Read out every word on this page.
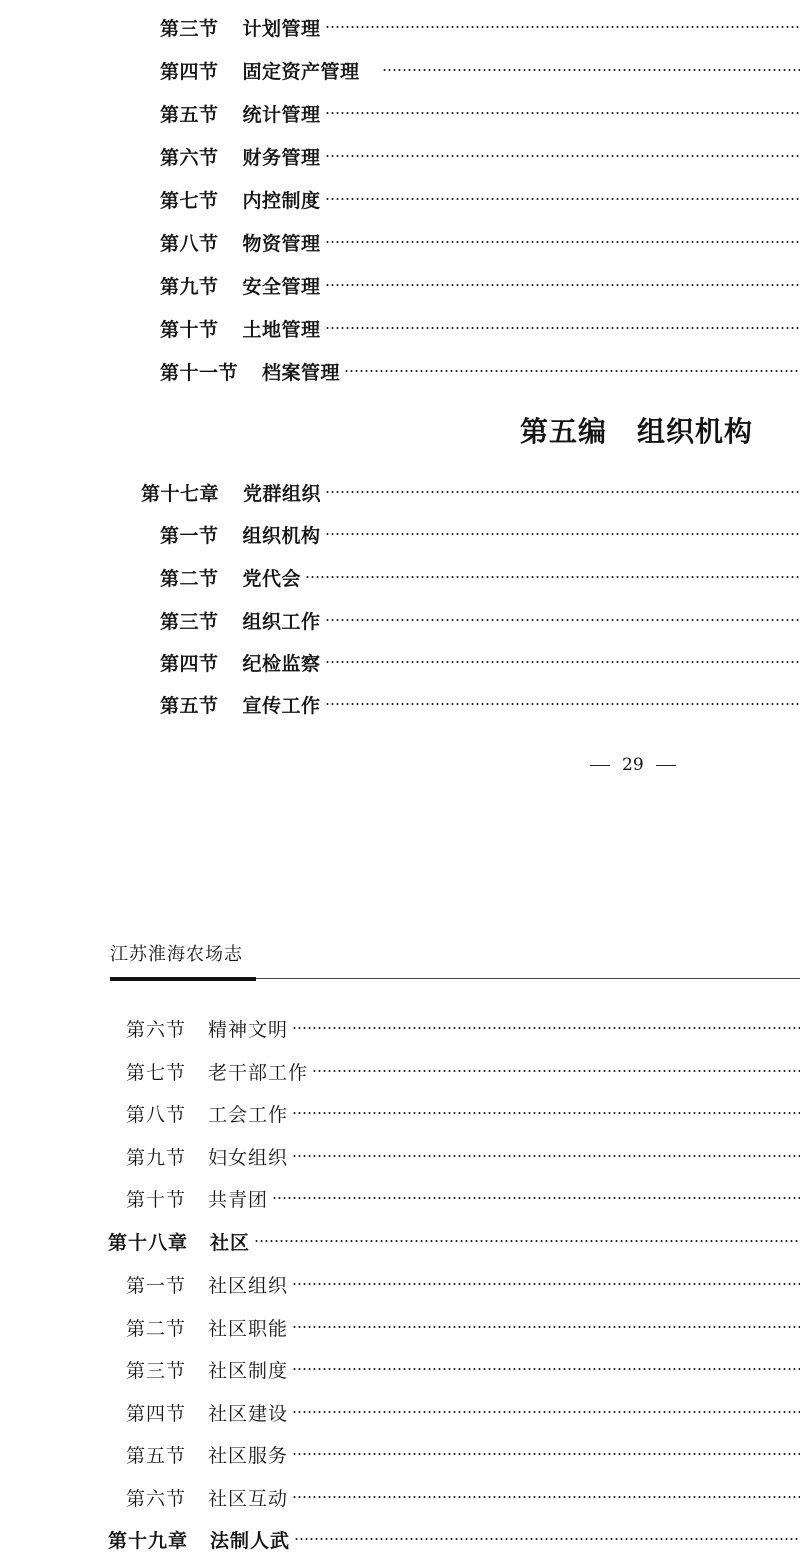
第三节 计划管理
第四节 固定资产管理
第五节 统计管理
第六节 财务管理
第七节 内控制度
第八节 物资管理
第九节 安全管理
第十节 土地管理
第十一节 档案管理
第五编 组织机构
第十七章 党群组织
第一节 组织机构
第二节 党代会
第三节 组织工作
第四节 纪检监察
第五节 宣传工作
29
江苏淮海农场志
第六节 精神文明
第七节 老干部工作
第八节 工会工作
第九节 妇女组织
第十节 共青团
第十八章 社区
第一节 社区组织
第二节 社区职能
第三节 社区制度
第四节 社区建设
第五节 社区服务
第六节 社区互动
第十九章 法制人武
